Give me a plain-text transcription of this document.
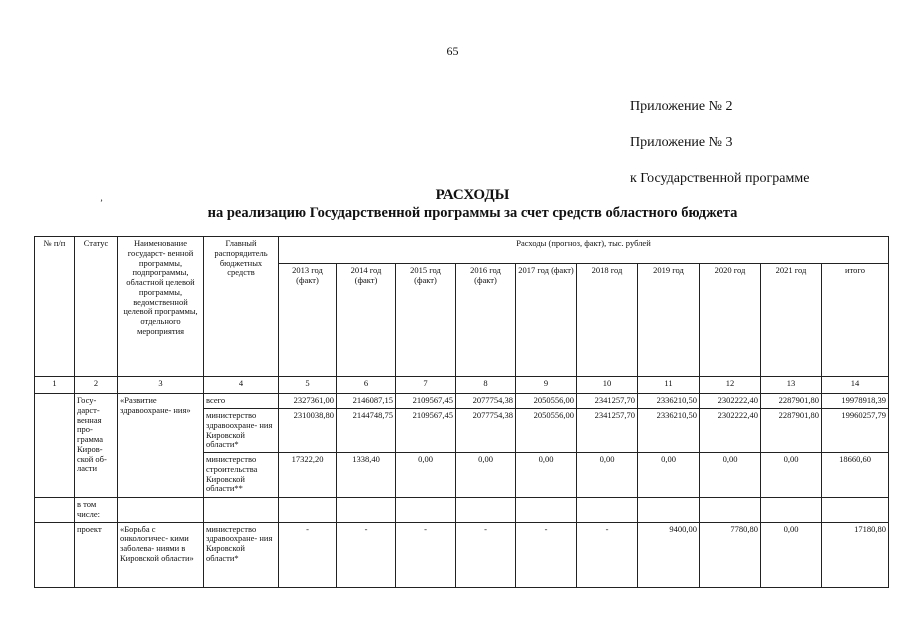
65
Приложение № 2
Приложение № 3
к Государственной программе
’	РАСХОДЫ
на реализацию Государственной программы за счет средств областного бюджета
№ п/п	Статус	Наименование государст- венной программы, подпрограммы, областной целевой программы, ведомственной целевой программы, отдельного мероприятия	Главный распорядитель бюджетных средств	Расходы (прогноз, факт), тыс. рублей									
				2013 год (факт)	2014 год (факт)	2015 год (факт)	2016 год (факт)	2017 год (факт)	2018 год	2019 год	2020 год	2021 год	итого
1	2	3	4	5	6	7	8	9	10	11	12	13	14
	Госу- дарст- венная про- грамма Киров- ской об- ласти	«Развитие здравоохране- ния»	всего	2327361,00	2146087,15	2109567,45	2077754,38	2050556,00	2341257,70	2336210,50	2302222,40	2287901,80	19978918,39
			министерство здравоохране- ния Кировской области*	2310038,80	2144748,75	2109567,45	2077754,38	2050556,00	2341257,70	2336210,50	2302222,40	2287901,80	19960257,79
			министерство строительства Кировской области**	17322,20	1338,40	0,00	0,00	0,00	0,00	0,00	0,00	0,00	18660,60
	в том числе:												
	проект	«Борьба с онкологичес- кими заболева- ниями в Кировской области»	министерство здравоохране- ния Кировской области*	-	-	-	-	-	-	9400,00	7780,80	0,00	17180,80
